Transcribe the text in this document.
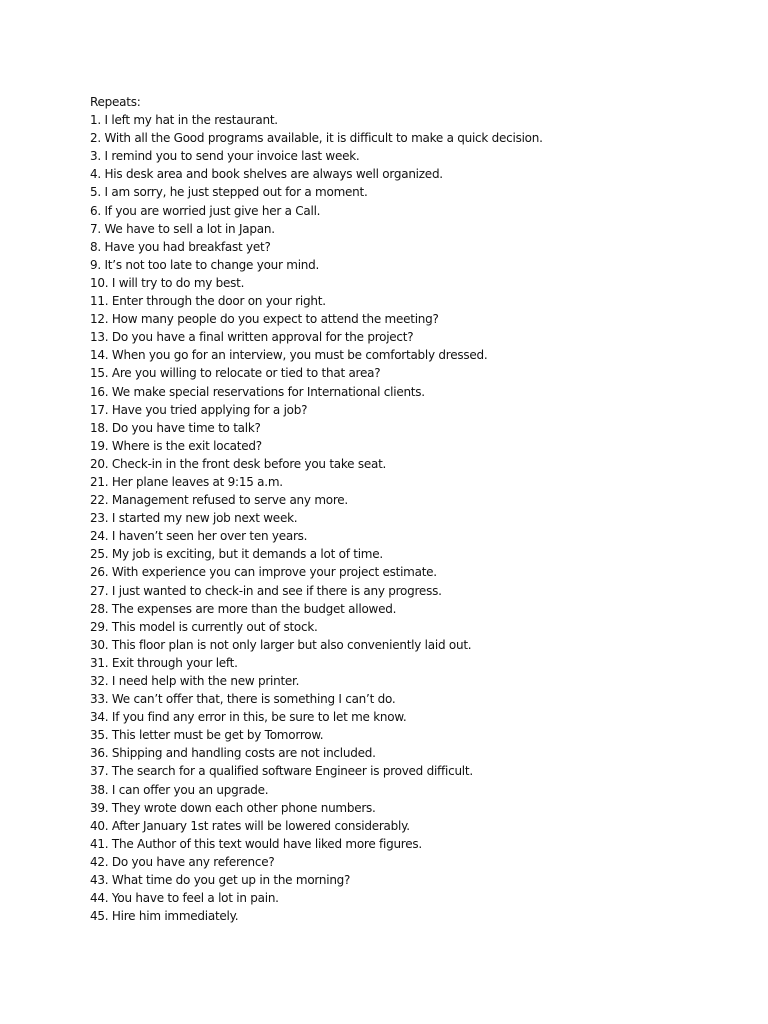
Repeats:
1. I left my hat in the restaurant.
2. With all the Good programs available, it is difficult to make a quick decision.
3. I remind you to send your invoice last week.
4. His desk area and book shelves are always well organized.
5. I am sorry, he just stepped out for a moment.
6. If you are worried just give her a Call.
7. We have to sell a lot in Japan.
8. Have you had breakfast yet?
9. It’s not too late to change your mind.
10. I will try to do my best.
11. Enter through the door on your right.
12. How many people do you expect to attend the meeting?
13. Do you have a final written approval for the project?
14. When you go for an interview, you must be comfortably dressed.
15. Are you willing to relocate or tied to that area?
16. We make special reservations for International clients.
17. Have you tried applying for a job?
18. Do you have time to talk?
19. Where is the exit located?
20. Check-in in the front desk before you take seat.
21. Her plane leaves at 9:15 a.m.
22. Management refused to serve any more.
23. I started my new job next week.
24. I haven’t seen her over ten years.
25. My job is exciting, but it demands a lot of time.
26. With experience you can improve your project estimate.
27. I just wanted to check-in and see if there is any progress.
28. The expenses are more than the budget allowed.
29. This model is currently out of stock.
30. This floor plan is not only larger but also conveniently laid out.
31. Exit through your left.
32. I need help with the new printer.
33. We can’t offer that, there is something I can’t do.
34. If you find any error in this, be sure to let me know.
35. This letter must be get by Tomorrow.
36. Shipping and handling costs are not included.
37. The search for a qualified software Engineer is proved difficult.
38. I can offer you an upgrade.
39. They wrote down each other phone numbers.
40. After January 1st rates will be lowered considerably.
41. The Author of this text would have liked more figures.
42. Do you have any reference?
43. What time do you get up in the morning?
44. You have to feel a lot in pain.
45. Hire him immediately.
